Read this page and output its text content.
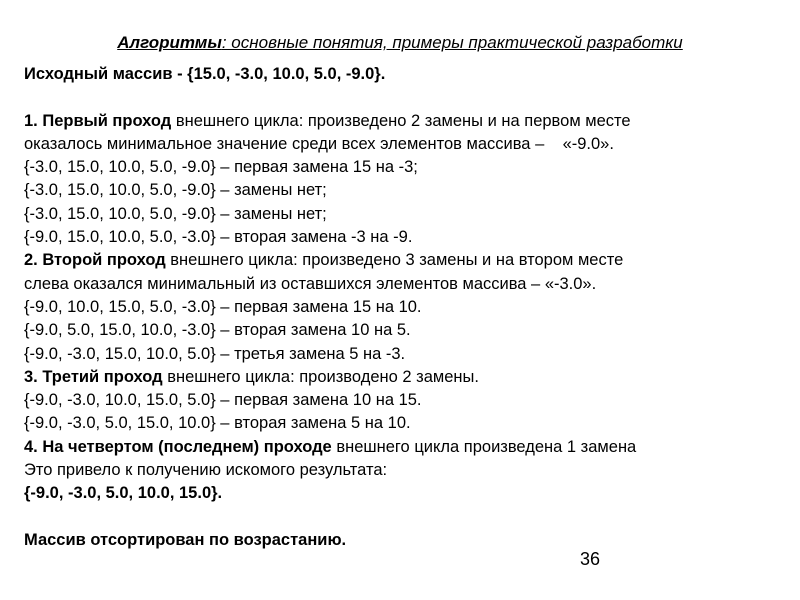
Алгоритмы: основные понятия, примеры практической разработки
Исходный массив - {15.0, -3.0, 10.0, 5.0, -9.0}.
1. Первый проход внешнего цикла: произведено 2 замены и на первом месте
оказалось минимальное значение среди всех элементов массива –    «-9.0».
{-3.0, 15.0, 10.0, 5.0, -9.0} – первая замена 15 на -3;
{-3.0, 15.0, 10.0, 5.0, -9.0} – замены нет;
{-3.0, 15.0, 10.0, 5.0, -9.0} – замены нет;
{-9.0, 15.0, 10.0, 5.0, -3.0} – вторая замена -3 на -9.
2. Второй проход внешнего цикла: произведено 3 замены и на втором месте
слева оказался минимальный из оставшихся элементов массива – «-3.0».
{-9.0, 10.0, 15.0, 5.0, -3.0} – первая замена 15 на 10.
{-9.0, 5.0, 15.0, 10.0, -3.0} – вторая замена 10 на 5.
{-9.0, -3.0, 15.0, 10.0, 5.0} – третья замена 5 на -3.
3. Третий проход внешнего цикла: производено 2 замены.
{-9.0, -3.0, 10.0, 15.0, 5.0} – первая замена 10 на 15.
{-9.0, -3.0, 5.0, 15.0, 10.0} – вторая замена 5 на 10.
4. На четвертом (последнем) проходе внешнего цикла произведена 1 замена
Это привело к получению искомого результата:
{-9.0, -3.0, 5.0, 10.0, 15.0}.
Массив отсортирован по возрастанию.
36
